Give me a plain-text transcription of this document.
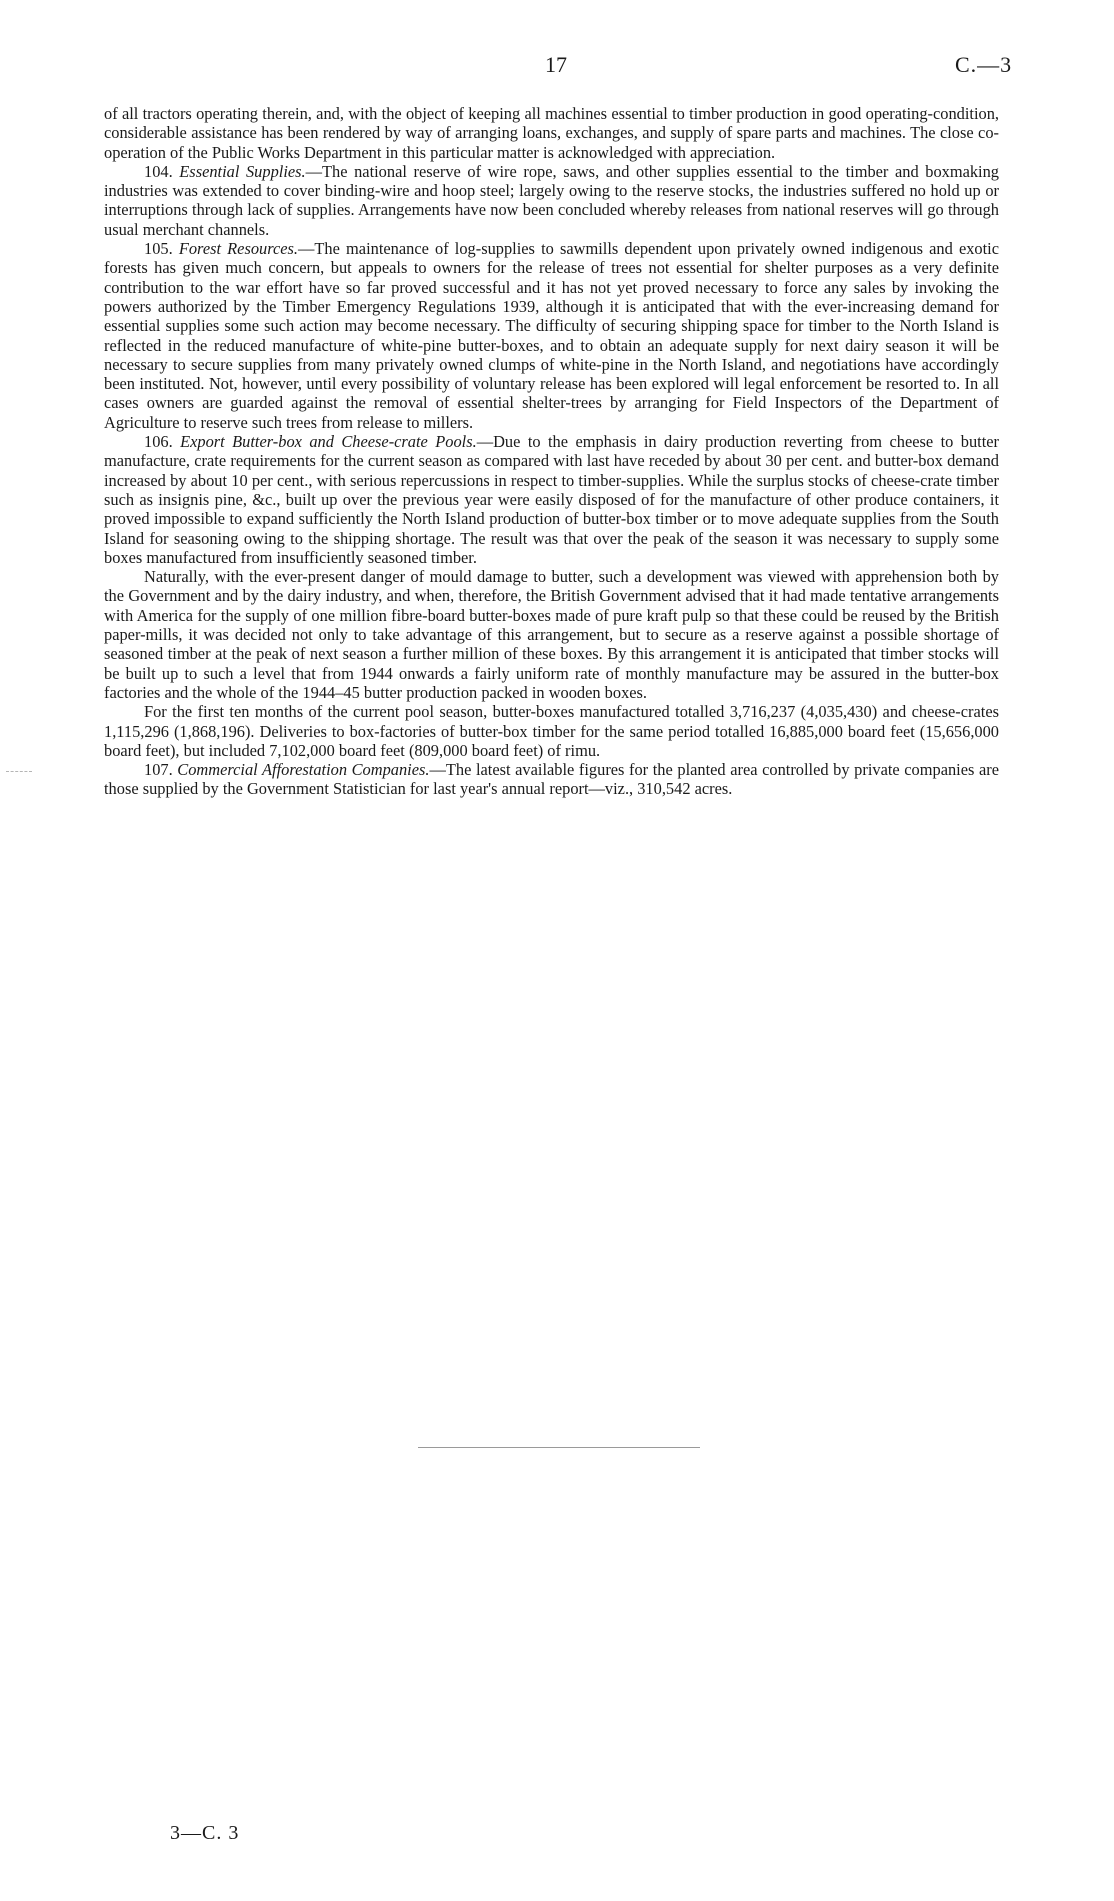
17	C.—3

of all tractors operating therein, and, with the object of keeping all machines essential to timber production in good operating-condition, considerable assistance has been rendered by way of arranging loans, exchanges, and supply of spare parts and machines. The close co-operation of the Public Works Department in this particular matter is acknowledged with appreciation.

104. Essential Supplies.—The national reserve of wire rope, saws, and other supplies essential to the timber and boxmaking industries was extended to cover binding-wire and hoop steel; largely owing to the reserve stocks, the industries suffered no hold up or interruptions through lack of supplies. Arrangements have now been concluded whereby releases from national reserves will go through usual merchant channels.

105. Forest Resources.—The maintenance of log-supplies to sawmills dependent upon privately owned indigenous and exotic forests has given much concern, but appeals to owners for the release of trees not essential for shelter purposes as a very definite contribution to the war effort have so far proved successful and it has not yet proved necessary to force any sales by invoking the powers authorized by the Timber Emergency Regulations 1939, although it is anticipated that with the ever-increasing demand for essential supplies some such action may become necessary. The difficulty of securing shipping space for timber to the North Island is reflected in the reduced manufacture of white-pine butter-boxes, and to obtain an adequate supply for next dairy season it will be necessary to secure supplies from many privately owned clumps of white-pine in the North Island, and negotiations have accordingly been instituted. Not, however, until every possibility of voluntary release has been explored will legal enforcement be resorted to. In all cases owners are guarded against the removal of essential shelter-trees by arranging for Field Inspectors of the Department of Agriculture to reserve such trees from release to millers.

106. Export Butter-box and Cheese-crate Pools.—Due to the emphasis in dairy production reverting from cheese to butter manufacture, crate requirements for the current season as compared with last have receded by about 30 per cent. and butter-box demand increased by about 10 per cent., with serious repercussions in respect to timber-supplies. While the surplus stocks of cheese-crate timber such as insignis pine, &c., built up over the previous year were easily disposed of for the manufacture of other produce containers, it proved impossible to expand sufficiently the North Island production of butter-box timber or to move adequate supplies from the South Island for seasoning owing to the shipping shortage. The result was that over the peak of the season it was necessary to supply some boxes manufactured from insufficiently seasoned timber.

Naturally, with the ever-present danger of mould damage to butter, such a development was viewed with apprehension both by the Government and by the dairy industry, and when, therefore, the British Government advised that it had made tentative arrangements with America for the supply of one million fibre-board butter-boxes made of pure kraft pulp so that these could be reused by the British paper-mills, it was decided not only to take advantage of this arrangement, but to secure as a reserve against a possible shortage of seasoned timber at the peak of next season a further million of these boxes. By this arrangement it is anticipated that timber stocks will be built up to such a level that from 1944 onwards a fairly uniform rate of monthly manufacture may be assured in the butter-box factories and the whole of the 1944–45 butter production packed in wooden boxes.

For the first ten months of the current pool season, butter-boxes manufactured totalled 3,716,237 (4,035,430) and cheese-crates 1,115,296 (1,868,196). Deliveries to box-factories of butter-box timber for the same period totalled 16,885,000 board feet (15,656,000 board feet), but included 7,102,000 board feet (809,000 board feet) of rimu.

107. Commercial Afforestation Companies.—The latest available figures for the planted area controlled by private companies are those supplied by the Government Statistician for last year's annual report—viz., 310,542 acres.

3—C. 3
